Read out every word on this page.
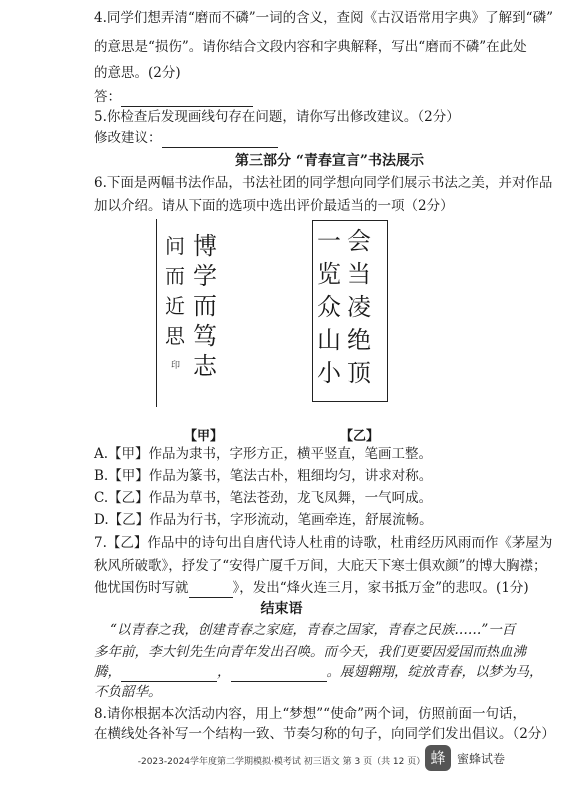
4.同学们想弄清“磨而不磷”一词的含义，查阅《古汉语常用字典》了解到“磷”
的意思是“损伤”。请你结合文段内容和字典解释，写出“磨而不磷”在此处
的意思。(2分)
答：
5.你检查后发现画线句存在问题，请你写出修改建议。（2分）
修改建议：
第三部分 “青春宣言”书法展示
6.下面是两幅书法作品，书法社团的同学想向同学们展示书法之美，并对作品
加以介绍。请从下面的选项中选出评价最适当的一项（2分）
博
学
而
笃
志
问
而
近
思
印
会
当
凌
绝
顶
一
览
众
山
小
【甲】	【乙】
A.【甲】作品为隶书，字形方正，横平竖直，笔画工整。
B.【甲】作品为篆书，笔法古朴，粗细均匀，讲求对称。
C.【乙】作品为草书，笔法苍劲，龙飞凤舞，一气呵成。
D.【乙】作品为行书，字形流动，笔画牵连，舒展流畅。
7.【乙】作品中的诗句出自唐代诗人杜甫的诗歌，杜甫经历风雨而作《茅屋为
秋风所破歌》，抒发了“安得广厦千万间，大庇天下寒士俱欢颜”的博大胸襟；
他忧国伤时写就	》，发出“烽火连三月，家书抵万金”的悲叹。(1分)
结束语
“以青春之我，创建青春之家庭，青春之国家，青春之民族……”一百
多年前，李大钊先生向青年发出召唤。而今天，我们更要因爱国而热血沸
腾，	，	。展翅翱翔，绽放青春，以梦为马，
不负韶华。
8.请你根据本次活动内容，用上“梦想”“使命”两个词，仿照前面一句话，
在横线处各补写一个结构一致、节奏匀称的句子，向同学们发出倡议。（2分）
-2023-2024学年度第二学期模拟·模考试 初三语文 第 3 页（共 12 页） 蜂 蜜蜂试卷
